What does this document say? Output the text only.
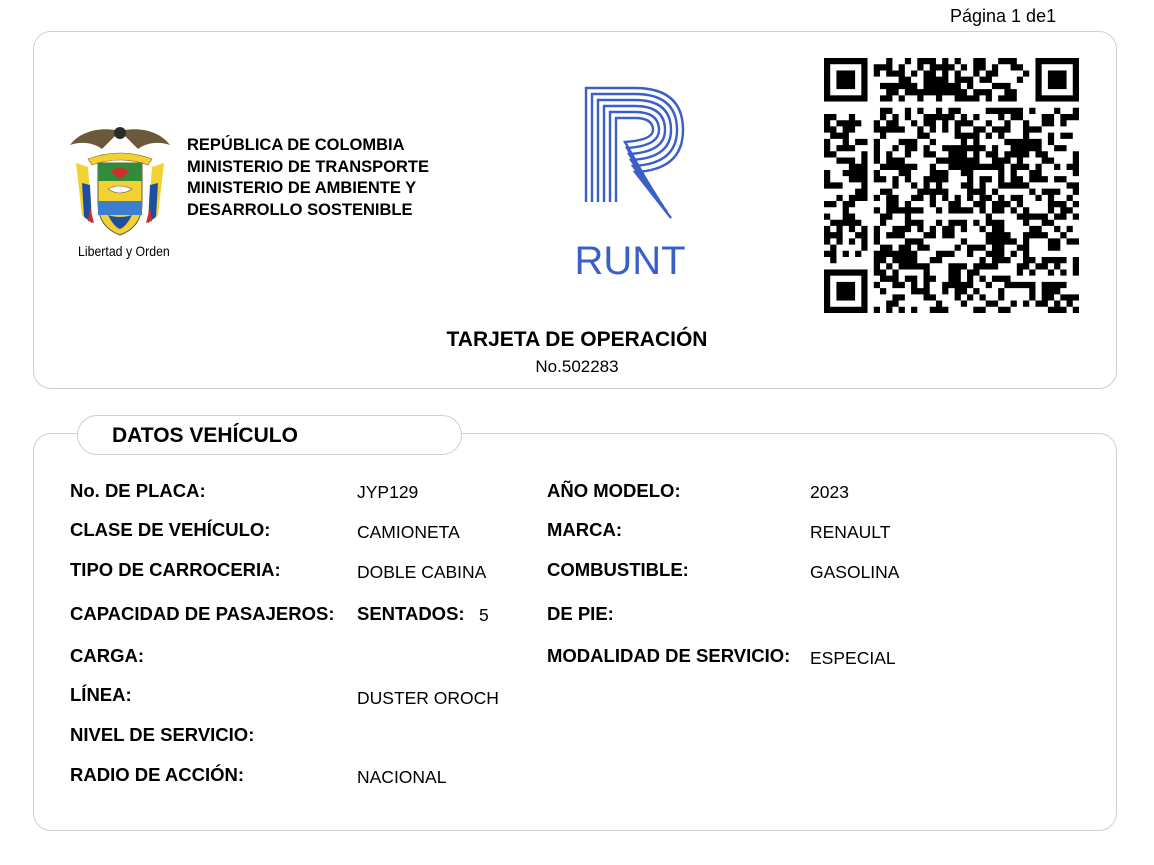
Página 1 de1
Libertad y Orden
REPÚBLICA DE COLOMBIA
MINISTERIO DE TRANSPORTE
MINISTERIO DE AMBIENTE Y
DESARROLLO SOSTENIBLE
RUNT
TARJETA DE OPERACIÓN
No.502283
DATOS VEHÍCULO
No. DE PLACA:	JYP129	AÑO MODELO:	2023
CLASE DE VEHÍCULO:	CAMIONETA	MARCA:	RENAULT
TIPO DE CARROCERIA:	DOBLE CABINA	COMBUSTIBLE:	GASOLINA
CAPACIDAD DE PASAJEROS: SENTADOS: 5	DE PIE:
CARGA:	MODALIDAD DE SERVICIO: ESPECIAL
LÍNEA:	DUSTER OROCH
NIVEL DE SERVICIO:
RADIO DE ACCIÓN:	NACIONAL
